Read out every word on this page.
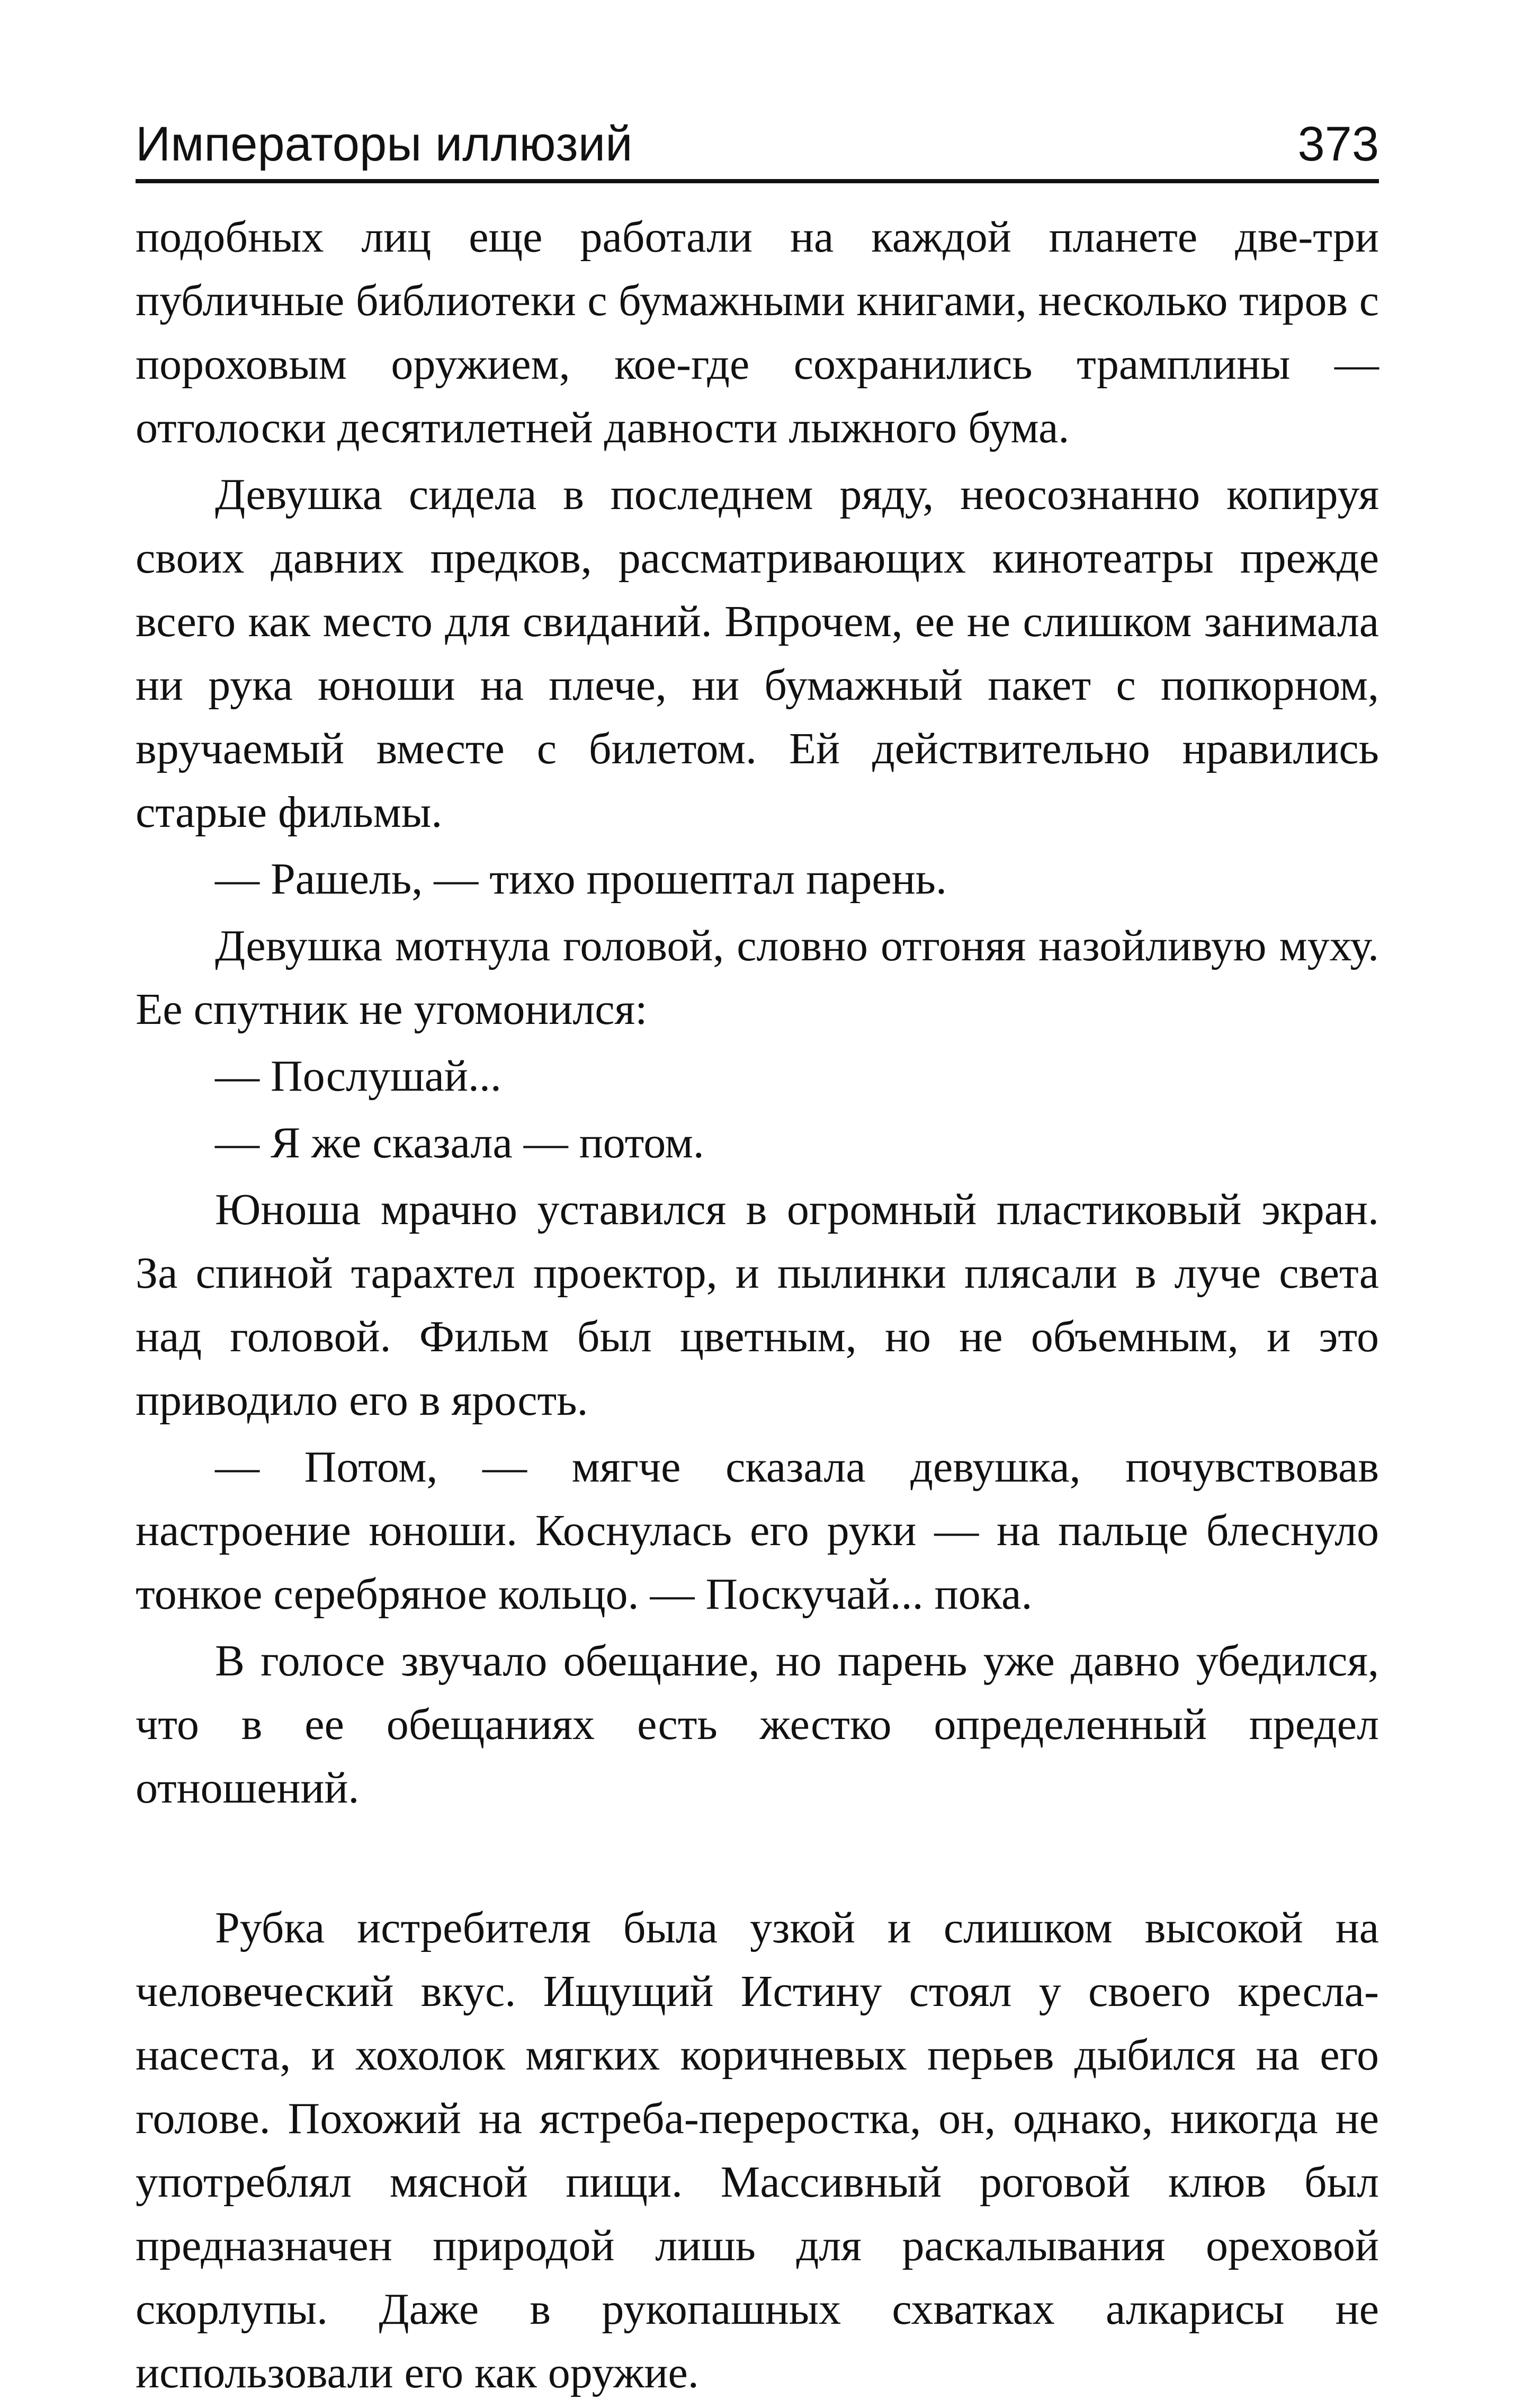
Императоры иллюзий	373

подобных лиц еще работали на каждой планете две-три публичные библиотеки с бумажными книгами, несколько тиров с пороховым оружием, кое-где сохранились трамплины — отголоски десятилетней давности лыжного бума.

Девушка сидела в последнем ряду, неосознанно копируя своих давних предков, рассматривающих кинотеатры прежде всего как место для свиданий. Впрочем, ее не слишком занимала ни рука юноши на плече, ни бумажный пакет с попкорном, вручаемый вместе с билетом. Ей действительно нравились старые фильмы.

— Рашель, — тихо прошептал парень.

Девушка мотнула головой, словно отгоняя назойливую муху. Ее спутник не угомонился:

— Послушай...

— Я же сказала — потом.

Юноша мрачно уставился в огромный пластиковый экран. За спиной тарахтел проектор, и пылинки плясали в луче света над головой. Фильм был цветным, но не объемным, и это приводило его в ярость.

— Потом, — мягче сказала девушка, почувствовав настроение юноши. Коснулась его руки — на пальце блеснуло тонкое серебряное кольцо. — Поскучай... пока.

В голосе звучало обещание, но парень уже давно убедился, что в ее обещаниях есть жестко определенный предел отношений.

Рубка истребителя была узкой и слишком высокой на человеческий вкус. Ищущий Истину стоял у своего кресла-насеста, и хохолок мягких коричневых перьев дыбился на его голове. Похожий на ястреба-переростка, он, однако, никогда не употреблял мясной пищи. Массивный роговой клюв был предназначен природой лишь для раскалывания ореховой скорлупы. Даже в рукопашных схватках алкарисы не использовали его как оружие.
